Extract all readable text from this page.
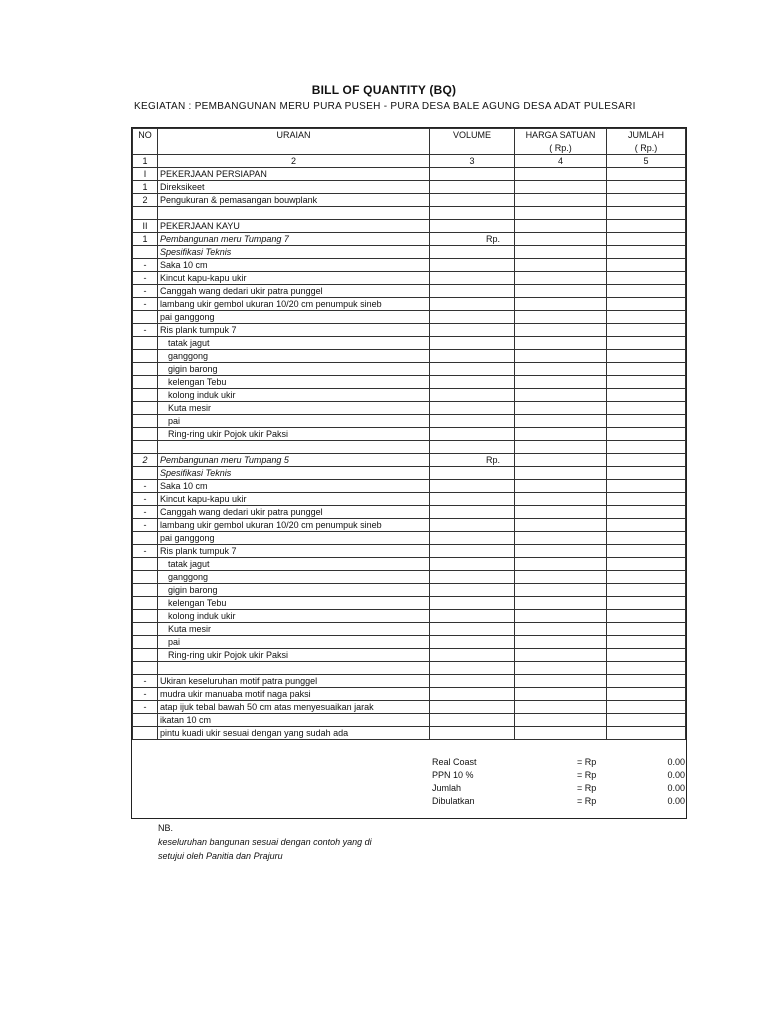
BILL OF QUANTITY (BQ)
KEGIATAN : PEMBANGUNAN MERU PURA PUSEH - PURA DESA BALE AGUNG DESA ADAT PULESARI
NO	URAIAN	VOLUME	HARGA SATUAN	JUMLAH
			( Rp.)	( Rp.)
1	2	3	4	5
I	PEKERJAAN PERSIAPAN			
1	Direksikeet			
2	Pengukuran & pemasangan bouwplank			

II	PEKERJAAN KAYU			
1	Pembangunan meru Tumpang 7	Rp.		
	Spesifikasi Teknis			
-	Saka 10 cm			
-	Kincut kapu-kapu ukir			
-	Canggah wang dedari ukir patra punggel			
-	lambang ukir gembol ukuran 10/20 cm penumpuk sineb			
	pai ganggong			
-	Ris plank tumpuk 7			
	tatak jagut			
	ganggong			
	gigin barong			
	kelengan Tebu			
	kolong induk ukir			
	Kuta mesir			
	pai			
	Ring-ring ukir Pojok ukir Paksi			

2	Pembangunan meru Tumpang 5	Rp.		
	Spesifikasi Teknis			
-	Saka 10 cm			
-	Kincut kapu-kapu ukir			
-	Canggah wang dedari ukir patra punggel			
-	lambang ukir gembol ukuran 10/20 cm penumpuk sineb			
	pai ganggong			
-	Ris plank tumpuk 7			
	tatak jagut			
	ganggong			
	gigin barong			
	kelengan Tebu			
	kolong induk ukir			
	Kuta mesir			
	pai			
	Ring-ring ukir Pojok ukir Paksi			

-	Ukiran keseluruhan motif patra punggel			
-	mudra ukir manuaba motif naga paksi			
-	atap ijuk tebal bawah 50 cm atas menyesuaikan jarak			
	ikatan 10 cm			
	pintu kuadi ukir sesuai dengan yang sudah ada			
Real Coast	= Rp	0.00
PPN 10 %	= Rp	0.00
Jumlah	= Rp	0.00
Dibulatkan	= Rp	0.00
NB.
keseluruhan bangunan sesuai dengan contoh yang di
setujui oleh Panitia dan Prajuru
